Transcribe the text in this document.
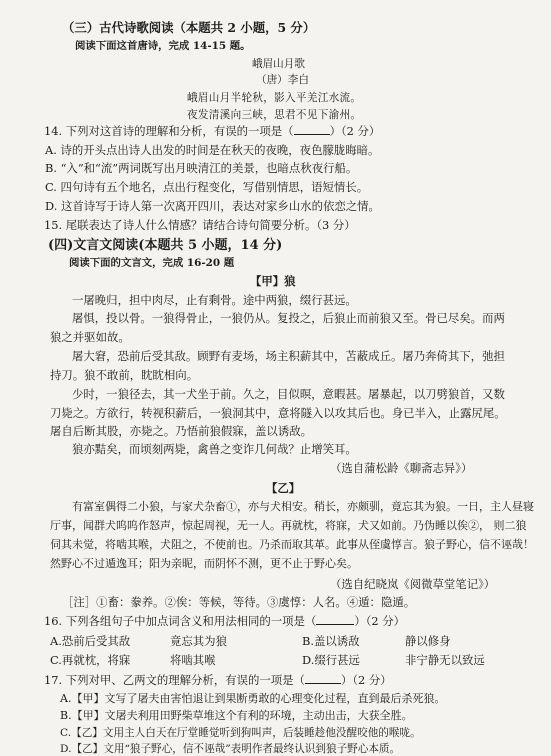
（三）古代诗歌阅读（本题共 2 小题，5 分）
阅读下面这首唐诗，完成 14-15 题。
峨眉山月歌
（唐）李白
峨眉山月半轮秋，影入平羌江水流。
夜发清溪向三峡，思君不见下渝州。
14. 下列对这首诗的理解和分析，有误的一项是（	）（2 分）
A. 诗的开头点出诗人出发的时间是在秋天的夜晚，夜色朦胧晦暗。
B. “入”和“流”两词既写出月映清江的美景，也暗点秋夜行船。
C. 四句诗有五个地名，点出行程变化，写借别情思，语短情长。
D. 这首诗写于诗人第一次离开四川，表达对家乡山水的依恋之情。
15. 尾联表达了诗人什么情感？请结合诗句简要分析。（3 分）
(四)文言文阅读(本题共 5 小题，14 分)
阅读下面的文言文，完成 16-20 题
【甲】狼
一屠晚归，担中肉尽，止有剩骨。途中两狼，缀行甚远。
屠惧，投以骨。一狼得骨止，一狼仍从。复投之，后狼止而前狼又至。骨已尽矣。而两
狼之并驱如故。
屠大窘，恐前后受其敌。顾野有麦场，场主积薪其中，苫蔽成丘。屠乃奔倚其下，弛担
持刀。狼不敢前，眈眈相向。
少时，一狼径去，其一犬坐于前。久之，目似暝，意暇甚。屠暴起，以刀劈狼首，又数
刀毙之。方欲行，转视积薪后，一狼洞其中，意将隧入以攻其后也。身已半入，止露尻尾。
屠自后断其股，亦毙之。乃悟前狼假寐，盖以诱敌。
狼亦黠矣，而顷刻两毙，禽兽之变诈几何哉？止增笑耳。
（选自蒲松龄《聊斋志异》）
【乙】
有富室偶得二小狼，与家犬杂畜①，亦与犬相安。稍长，亦颇驯，竟忘其为狼。一日，主人昼寝
厅事，闻群犬呜呜作怒声，惊起周视，无一人。再就枕，将寐，犬又如前。乃伪睡以俟②， 则二狼
伺其未觉，将啮其喉，犬阻之，不使前也。乃杀而取其革。此事从侄虞惇言。狼子野心，信不诬哉！
然野心不过遁逸耳；阳为亲昵，而阴怀不测，更不止于野心矣。
（选自纪晓岚《阅微草堂笔记》）
［注］①畜：豢养。②俟：等候，等待。③虞惇：人名。④遁：隐遁。
16. 下列各组句子中加点词含义和用法相同的一项是（	）（2 分）
A.恐前后受其敌	竟忘其为狼	B.盖以诱敌	静以修身
C.再就枕，将寐	将啮其喉	D.缀行甚远	非宁静无以致远
17. 下列对甲、乙两文的理解分析，有误的一项是（	）（2 分）
A.【甲】文写了屠夫由害怕退让到果断勇敢的心理变化过程，直到最后杀死狼。
B.【甲】文屠夫利用田野柴草堆这个有利的环境，主动出击，大获全胜。
C.【乙】文用主人白天在厅堂睡觉听到狗叫声，后装睡趁他没醒咬他的喉咙。
D.【乙】文用“狼子野心，信不诬哉”表明作者最终认识到狼子野心本质。
